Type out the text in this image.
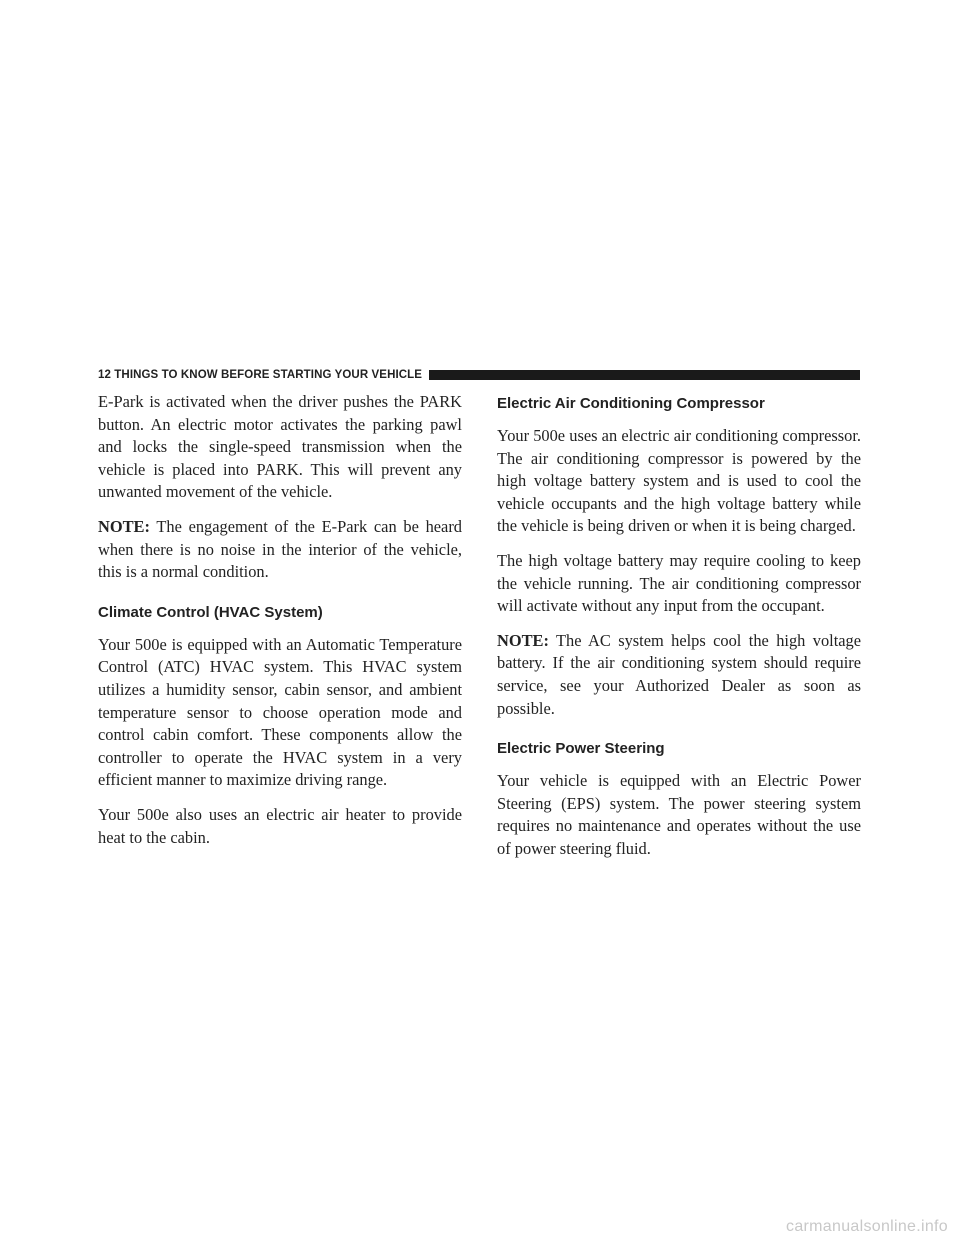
12 THINGS TO KNOW BEFORE STARTING YOUR VEHICLE

E-Park is activated when the driver pushes the PARK button. An electric motor activates the parking pawl and locks the single-speed transmission when the vehicle is placed into PARK. This will prevent any unwanted movement of the vehicle.

NOTE: The engagement of the E-Park can be heard when there is no noise in the interior of the vehicle, this is a normal condition.

Climate Control (HVAC System)

Your 500e is equipped with an Automatic Temperature Control (ATC) HVAC system. This HVAC system utilizes a humidity sensor, cabin sensor, and ambient temperature sensor to choose operation mode and control cabin comfort. These components allow the controller to operate the HVAC system in a very efficient manner to maximize driving range.

Your 500e also uses an electric air heater to provide heat to the cabin.

Electric Air Conditioning Compressor

Your 500e uses an electric air conditioning compressor. The air conditioning compressor is powered by the high voltage battery system and is used to cool the vehicle occupants and the high voltage battery while the vehicle is being driven or when it is being charged.

The high voltage battery may require cooling to keep the vehicle running. The air conditioning compressor will activate without any input from the occupant.

NOTE: The AC system helps cool the high voltage battery. If the air conditioning system should require service, see your Authorized Dealer as soon as possible.

Electric Power Steering

Your vehicle is equipped with an Electric Power Steering (EPS) system. The power steering system requires no maintenance and operates without the use of power steering fluid.

carmanualsonline.info
